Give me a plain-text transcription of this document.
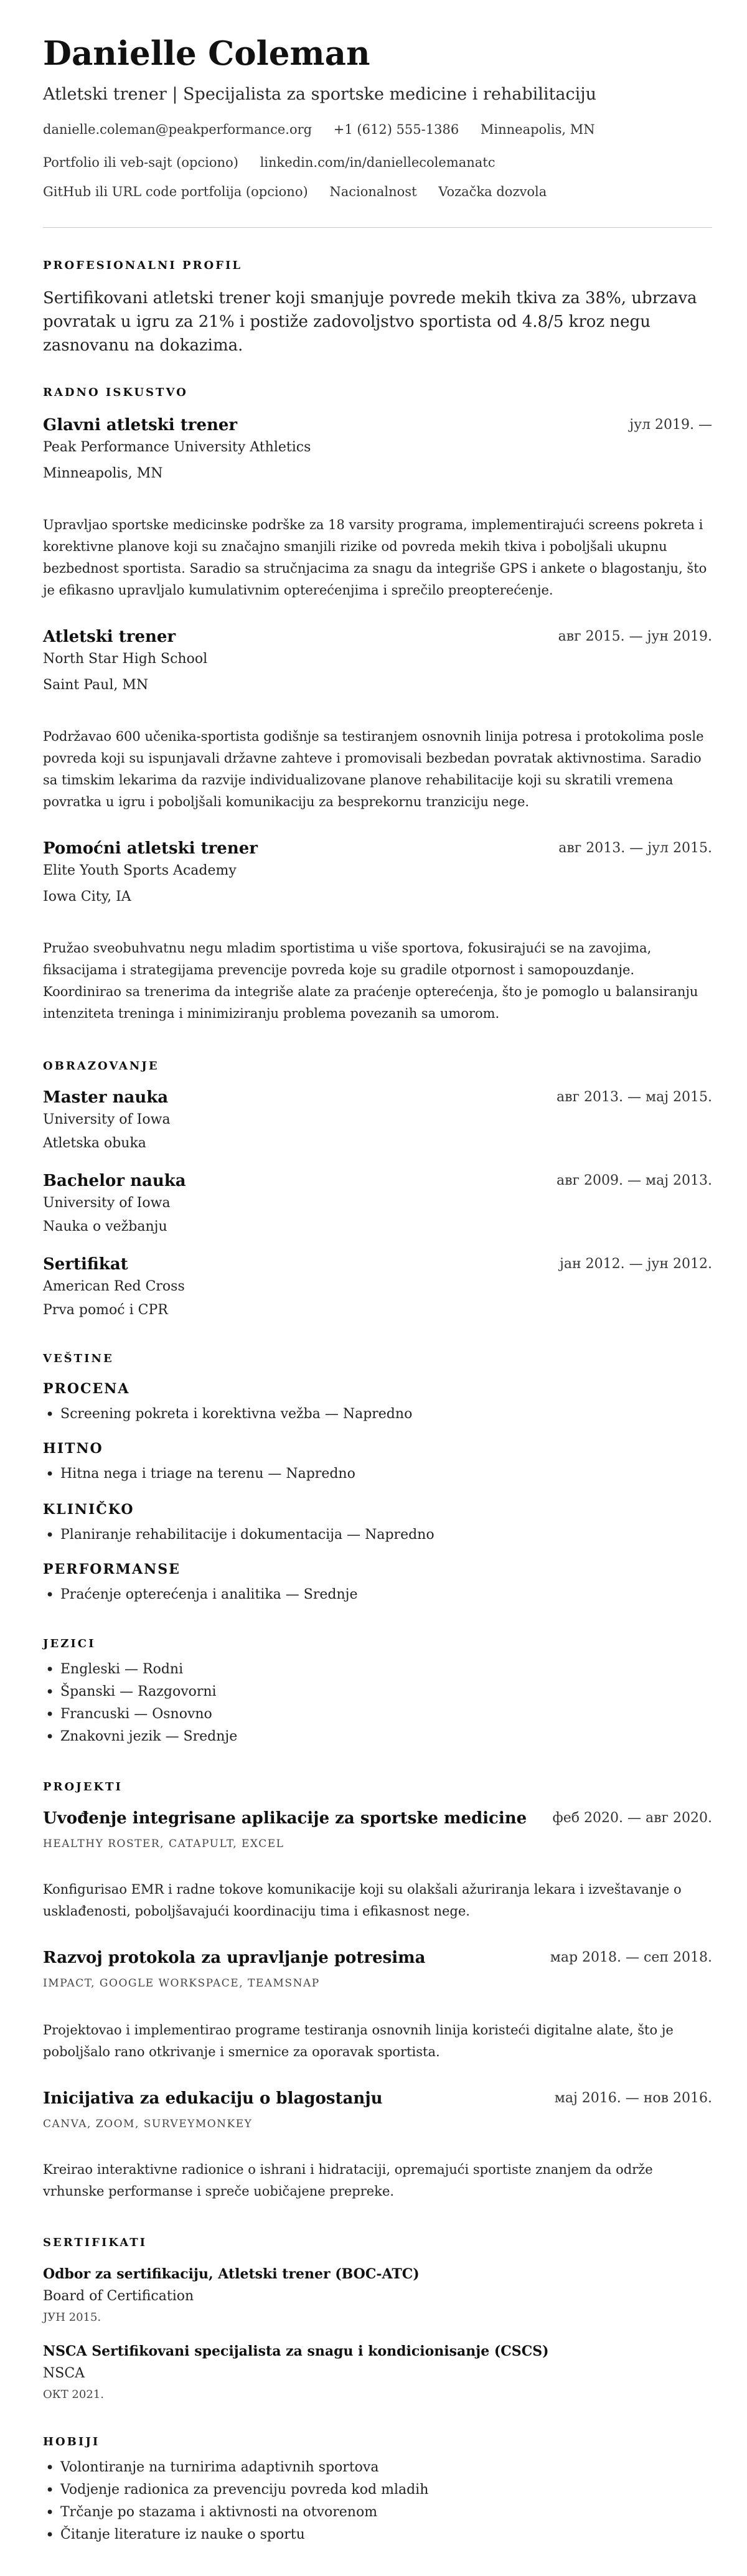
Danielle Coleman

Atletski trener | Specijalista za sportske medicine i rehabilitaciju

danielle.coleman@peakperformance.org +1 (612) 555-1386 Minneapolis, MN
Portfolio ili veb-sajt (opciono) linkedin.com/in/daniellecolemanatc
GitHub ili URL code portfolija (opciono) Nacionalnost Vozačka dozvola
PROFESIONALNI PROFIL

Sertifikovani atletski trener koji smanjuje povrede mekih tkiva za 38%, ubrzava povratak u igru za 21% i postiže zadovoljstvo sportista od 4.8/5 kroz negu zasnovanu na dokazima.

RADNO ISKUSTVO
Glavni atletski trener	јул 2019. —
Peak Performance University Athletics
Minneapolis, MN

Upravljao sportske medicinske podrške za 18 varsity programa, implementirajući screens pokreta i korektivne planove koji su značajno smanjili rizike od povreda mekih tkiva i poboljšali ukupnu bezbednost sportista. Saradio sa stručnjacima za snagu da integriše GPS i ankete o blagostanju, što je efikasno upravljalo kumulativnim opterećenjima i sprečilo preopterećenje.

Atletski trener	авг 2015. — јун 2019.
North Star High School
Saint Paul, MN

Podržavao 600 učenika-sportista godišnje sa testiranjem osnovnih linija potresa i protokolima posle povreda koji su ispunjavali državne zahteve i promovisali bezbedan povratak aktivnostima. Saradio sa timskim lekarima da razvije individualizovane planove rehabilitacije koji su skratili vremena povratka u igru i poboljšali komunikaciju za besprekornu tranziciju nege.

Pomoćni atletski trener	авг 2013. — јул 2015.
Elite Youth Sports Academy
Iowa City, IA

Pružao sveobuhvatnu negu mladim sportistima u više sportova, fokusirajući se na zavojima, fiksacijama i strategijama prevencije povreda koje su gradile otpornost i samopouzdanje. Koordinirao sa trenerima da integriše alate za praćenje opterećenja, što je pomoglo u balansiranju intenziteta treninga i minimiziranju problema povezanih sa umorom.

OBRAZOVANJE
Master nauka	авг 2013. — мај 2015.
University of Iowa
Atletska obuka
Bachelor nauka	авг 2009. — мај 2013.
University of Iowa
Nauka o vežbanju
Sertifikat	јан 2012. — јун 2012.
American Red Cross
Prva pomoć i CPR
VEŠTINE
PROCENA
• Screening pokreta i korektivna vežba — Napredno
HITNO
• Hitna nega i triage na terenu — Napredno
KLINIČKO
• Planiranje rehabilitacije i dokumentacija — Napredno
PERFORMANSE
• Praćenje opterećenja i analitika — Srednje
JEZICI
• Engleski — Rodni
• Španski — Razgovorni
• Francuski — Osnovno
• Znakovni jezik — Srednje
PROJEKTI
Uvođenje integrisane aplikacije za sportske medicine феб 2020. — авг 2020.
HEALTHY ROSTER, CATAPULT, EXCEL

Konfigurisao EMR i radne tokove komunikacije koji su olakšali ažuriranja lekara i izveštavanje o usklađenosti, poboljšavajući koordinaciju tima i efikasnost nege.

Razvoj protokola za upravljanje potresima	мар 2018. — сеп 2018.
IMPACT, GOOGLE WORKSPACE, TEAMSNAP

Projektovao i implementirao programe testiranja osnovnih linija koristeći digitalne alate, što je poboljšalo rano otkrivanje i smernice za oporavak sportista.

Inicijativa za edukaciju o blagostanju	мај 2016. — нов 2016.
CANVA, ZOOM, SURVEYMONKEY

Kreirao interaktivne radionice o ishrani i hidrataciji, opremajući sportiste znanjem da održe vrhunske performanse i spreče uobičajene prepreke.

SERTIFIKATI
Odbor za sertifikaciju, Atletski trener (BOC-ATC)
Board of Certification
ЈУН 2015.
NSCA Sertifikovani specijalista za snagu i kondicionisanje (CSCS)
NSCA
ОКТ 2021.
HOBIJI
• Volontiranje na turnirima adaptivnih sportova
• Vodjenje radionica za prevenciju povreda kod mladih
• Trčanje po stazama i aktivnosti na otvorenom
• Čitanje literature iz nauke o sportu
